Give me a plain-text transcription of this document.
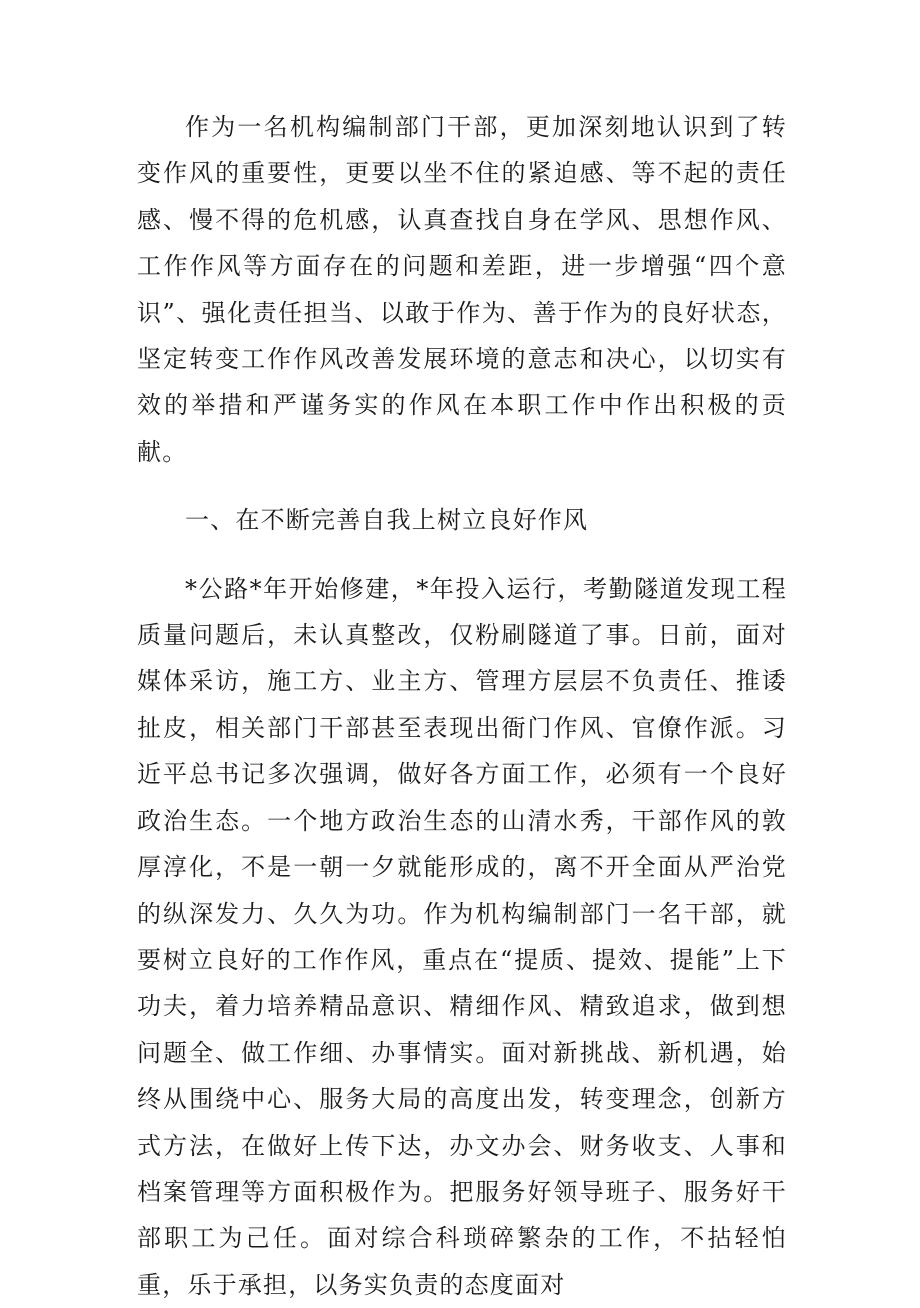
作为一名机构编制部门干部，更加深刻地认识到了转变作风的重要性，更要以坐不住的紧迫感、等不起的责任感、慢不得的危机感，认真查找自身在学风、思想作风、工作作风等方面存在的问题和差距，进一步增强“四个意识”、强化责任担当、以敢于作为、善于作为的良好状态，坚定转变工作作风改善发展环境的意志和决心，以切实有效的举措和严谨务实的作风在本职工作中作出积极的贡献。

一、在不断完善自我上树立良好作风

*公路*年开始修建，*年投入运行，考勤隧道发现工程质量问题后，未认真整改，仅粉刷隧道了事。日前，面对媒体采访，施工方、业主方、管理方层层不负责任、推诿扯皮，相关部门干部甚至表现出衙门作风、官僚作派。习近平总书记多次强调，做好各方面工作，必须有一个良好政治生态。一个地方政治生态的山清水秀，干部作风的敦厚淳化，不是一朝一夕就能形成的，离不开全面从严治党的纵深发力、久久为功。作为机构编制部门一名干部，就要树立良好的工作作风，重点在“提质、提效、提能”上下功夫，着力培养精品意识、精细作风、精致追求，做到想问题全、做工作细、办事情实。面对新挑战、新机遇，始终从围绕中心、服务大局的高度出发，转变理念，创新方式方法，在做好上传下达，办文办会、财务收支、人事和档案管理等方面积极作为。把服务好领导班子、服务好干部职工为己任。面对综合科琐碎繁杂的工作，不拈轻怕重，乐于承担，以务实负责的态度面对
